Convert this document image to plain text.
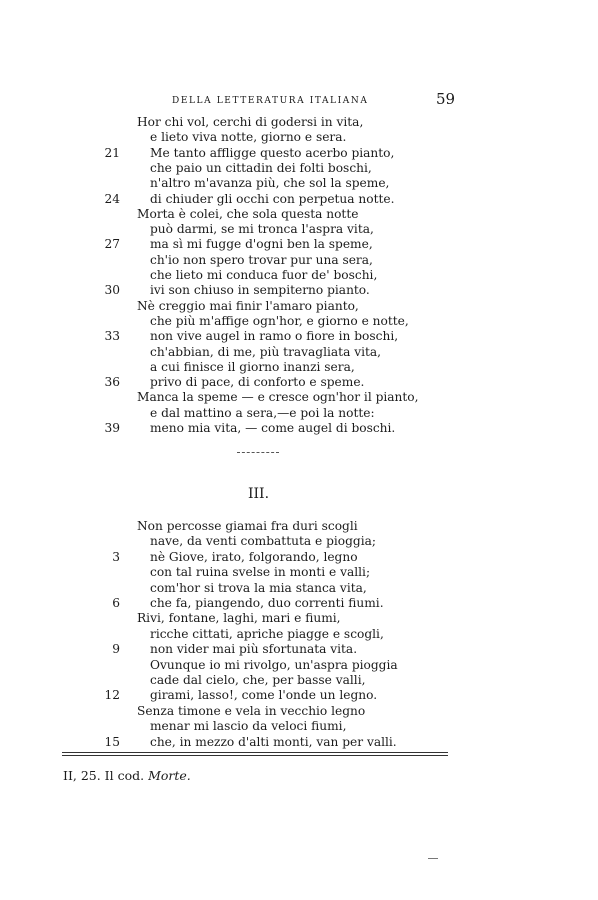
DELLA LETTERATURA ITALIANA	59
Hor chi vol, cerchi di godersi in vita,
e lieto viva notte, giorno e sera.
Me tanto affligge questo acerbo pianto,
che paio un cittadin dei folti boschi,
n'altro m'avanza più, che sol la speme,
di chiuder gli occhi con perpetua notte.
Morta è colei, che sola questa notte
può darmi, se mi tronca l'aspra vita,
ma sì mi fugge d'ogni ben la speme,
ch'io non spero trovar pur una sera,
che lieto mi conduca fuor de' boschi,
ivi son chiuso in sempiterno pianto.
Nè creggio mai finir l'amaro pianto,
che più m'affige ogn'hor, e giorno e notte,
non vive augel in ramo o fiore in boschi,
ch'abbian, di me, più travagliata vita,
a cui finisce il giorno inanzi sera,
privo di pace, di conforto e speme.
Manca la speme — e cresce ogn'hor il pianto,
e dal mattino a sera,—e poi la notte:
meno mia vita, — come augel di boschi.
21
24
27
30
33
36
39
III.
Non percosse giamai fra duri scogli
nave, da venti combattuta e pioggia;
nè Giove, irato, folgorando, legno
con tal ruina svelse in monti e valli;
com'hor si trova la mia stanca vita,
che fa, piangendo, duo correnti fiumi.
Rivi, fontane, laghi, mari e fiumi,
ricche cittati, apriche piagge e scogli,
non vider mai più sfortunata vita.
Ovunque io mi rivolgo, un'aspra pioggia
cade dal cielo, che, per basse valli,
girami, lasso!, come l'onde un legno.
Senza timone e vela in vecchio legno
menar mi lascio da veloci fiumi,
che, in mezzo d'alti monti, van per valli.
3
6
9
12
15
II, 25. Il cod. Morte.
